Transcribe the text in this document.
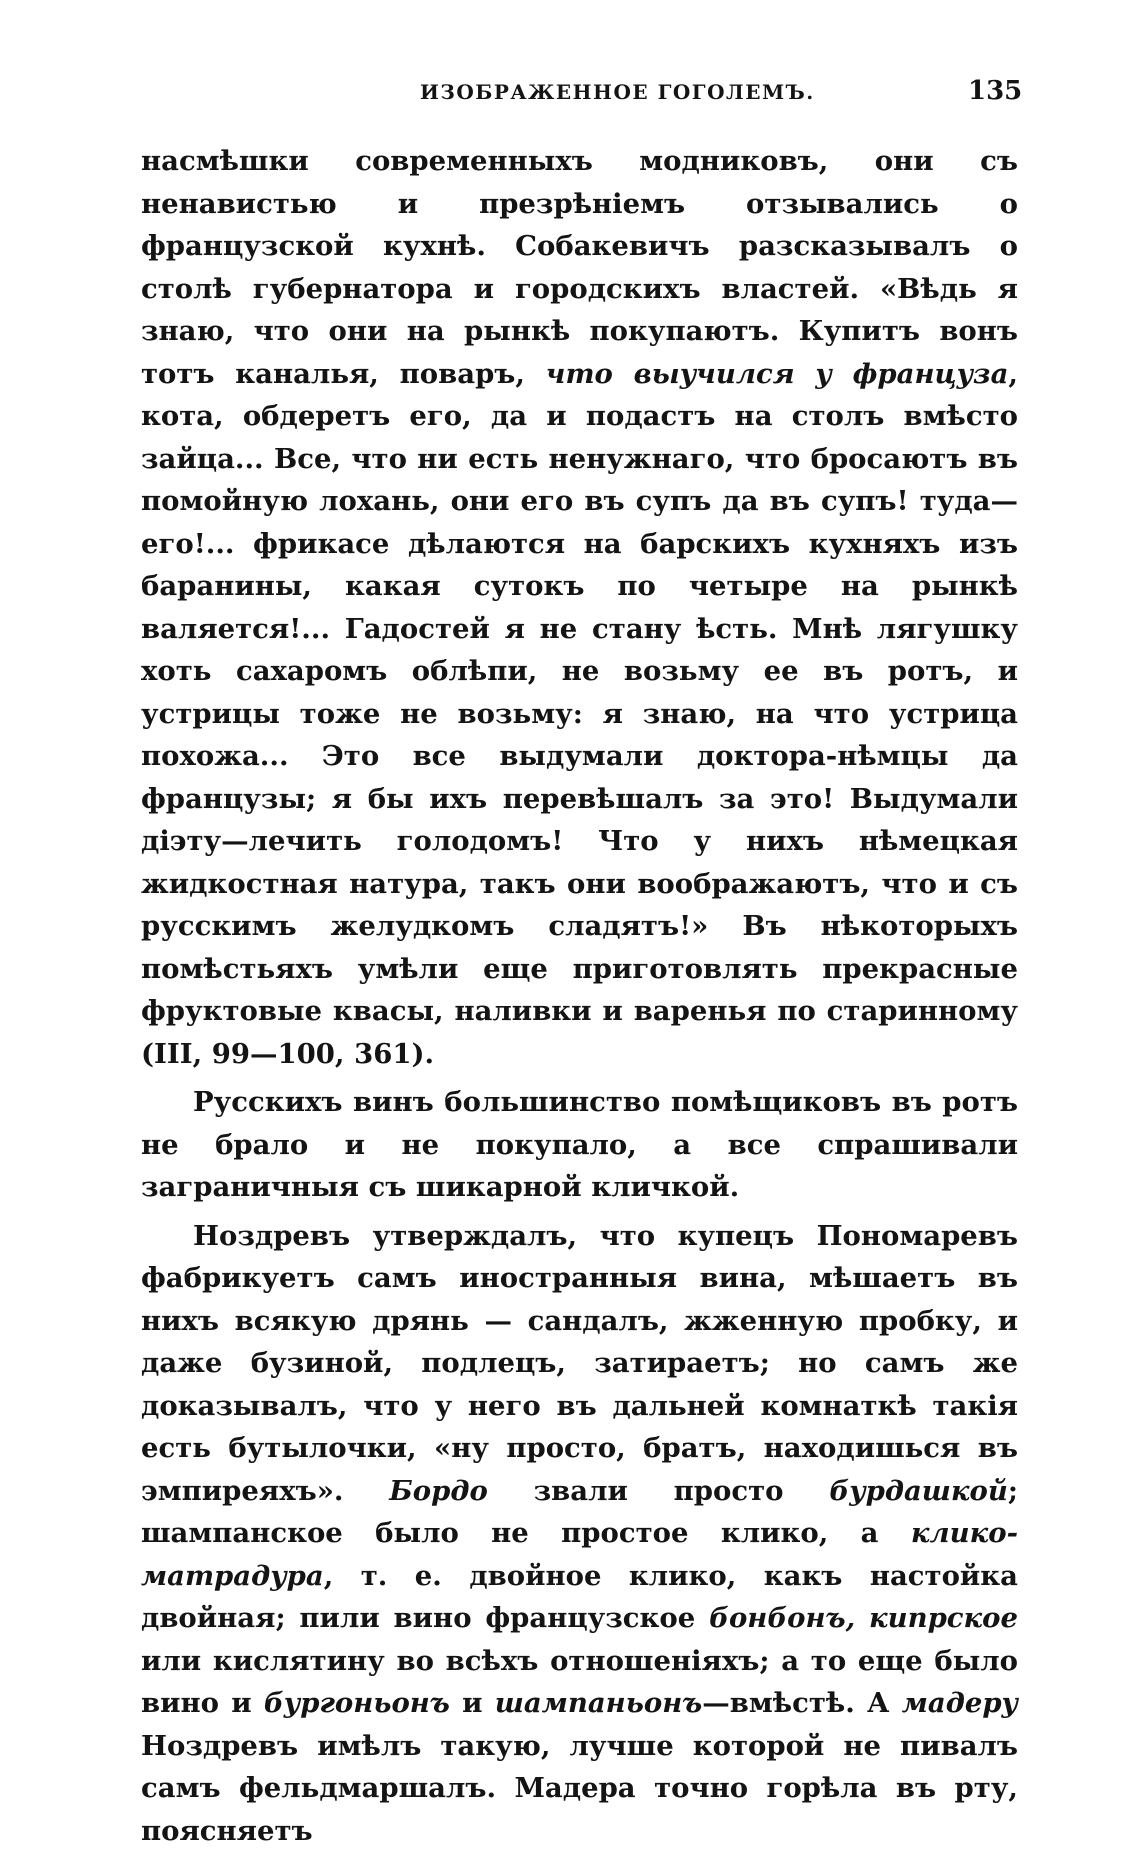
ИЗОБРАЖЕННОЕ ГОГОЛЕМЪ.	135

насмѣшки современныхъ модниковъ, они съ ненавистью и презрѣніемъ отзывались о французской кухнѣ. Собакевичъ разсказывалъ о столѣ губернатора и городскихъ властей. «Вѣдь я знаю, что они на рынкѣ покупаютъ. Купитъ вонъ тотъ каналья, поваръ, что выучился у француза, кота, обдеретъ его, да и подастъ на столъ вмѣсто зайца... Все, что ни есть ненужнаго, что бросаютъ въ помойную лохань, они его въ супъ да въ супъ! туда—его!... фрикасе дѣлаются на барскихъ кухняхъ изъ баранины, какая сутокъ по четыре на рынкѣ валяется!... Гадостей я не стану ѣсть. Мнѣ лягушку хоть сахаромъ облѣпи, не возьму ее въ ротъ, и устрицы тоже не возьму: я знаю, на что устрица похожа... Это все выдумали доктора-нѣмцы да французы; я бы ихъ перевѣшалъ за это! Выдумали діэту—лечить голодомъ! Что у нихъ нѣмецкая жидкостная натура, такъ они воображаютъ, что и съ русскимъ желудкомъ сладятъ!» Въ нѣкоторыхъ помѣстьяхъ умѣли еще приготовлять прекрасные фруктовые квасы, наливки и варенья по старинному (III, 99—100, 361).

Русскихъ винъ большинство помѣщиковъ въ ротъ не брало и не покупало, а все спрашивали заграничныя съ шикарной кличкой.

Ноздревъ утверждалъ, что купецъ Пономаревъ фабрикуетъ самъ иностранныя вина, мѣшаетъ въ нихъ всякую дрянь — сандалъ, жженную пробку, и даже бузиной, подлецъ, затираетъ; но самъ же доказывалъ, что у него въ дальней комнаткѣ такія есть бутылочки, «ну просто, братъ, находишься въ эмпиреяхъ». Бордо звали просто бурдашкой; шампанское было не простое клико, а клико-матрадура, т. е. двойное клико, какъ настойка двойная; пили вино французское бонбонъ, кипрское или кислятину во всѣхъ отношеніяхъ; а то еще было вино и бургоньонъ и шампаньонъ—вмѣстѣ. А мадеру Ноздревъ имѣлъ такую, лучше которой не пивалъ самъ фельдмаршалъ. Мадера точно горѣла въ рту, поясняетъ
